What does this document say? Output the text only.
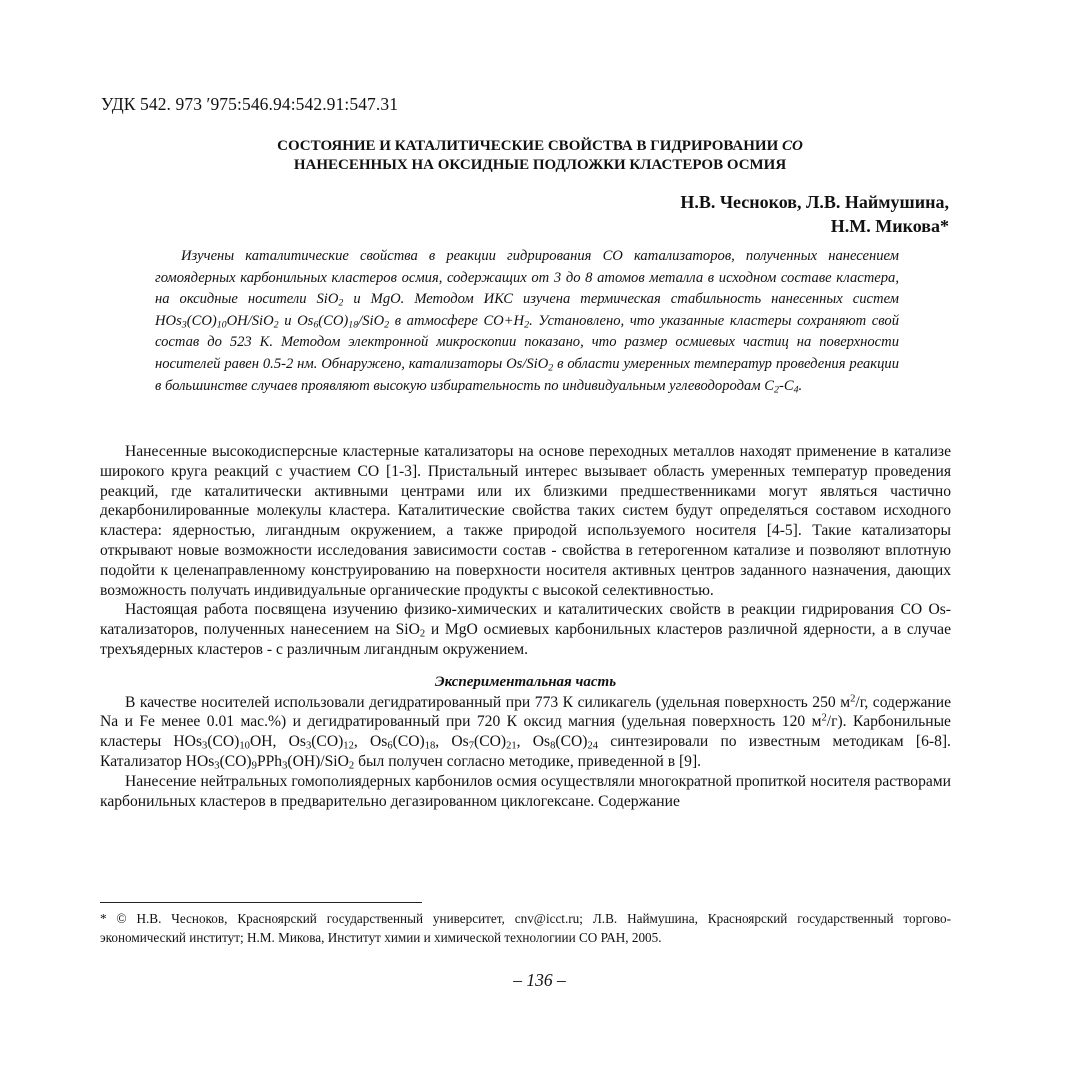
УДК 542. 973 ′975:546.94:542.91:547.31
СОСТОЯНИЕ И КАТАЛИТИЧЕСКИЕ СВОЙСТВА В ГИДРИРОВАНИИ CO
НАНЕСЕННЫХ НА ОКСИДНЫЕ ПОДЛОЖКИ КЛАСТЕРОВ ОСМИЯ
Н.В. Чесноков, Л.В. Наймушина,
Н.М. Микова*
Изучены каталитические свойства в реакции гидрирования CO катализаторов, полученных нанесением гомоядерных карбонильных кластеров осмия, содержащих от 3 до 8 атомов металла в исходном составе кластера, на оксидные носители SiO$_2$ и MgO. Методом ИКС изучена термическая стабильность нанесенных систем $HOs_3(CO)_{10}OH/SiO_2$ и $Os_6(CO)_{18}/SiO_2$ в атмосфере $CO+H_2$. Установлено, что указанные кластеры сохраняют свой состав до 523 К. Методом электронной микроскопии показано, что размер осмиевых частиц на поверхности носителей равен 0.5-2 нм. Обнаружено, катализаторы Os/SiO$_2$ в области умеренных температур проведения реакции в большинстве случаев проявляют высокую избирательность по индивидуальным углеводородам $C_2-C_4$.

Нанесенные высокодисперсные кластерные катализаторы на основе переходных металлов находят применение в катализе широкого круга реакций с участием CO [1-3]. Пристальный интерес вызывает область умеренных температур проведения реакций, где каталитически активными центрами или их близкими предшественниками могут являться частично декарбонилированные молекулы кластера. Каталитические свойства таких систем будут определяться составом исходного кластера: ядерностью, лигандным окружением, а также природой используемого носителя [4-5]. Такие катализаторы открывают новые возможности исследования зависимости состав - свойства в гетерогенном катализе и позволяют вплотную подойти к целенаправленному конструированию на поверхности носителя активных центров заданного назначения, дающих возможность получать индивидуальные органические продукты с высокой селективностью.

Настоящая работа посвящена изучению физико-химических и каталитических свойств в реакции гидрирования CO Os-катализаторов, полученных нанесением на SiO$_2$ и MgO осмиевых карбонильных кластеров различной ядерности, а в случае трехъядерных кластеров - с различным лигандным окружением.

Экспериментальная часть

В качестве носителей использовали дегидратированный при 773 К силикагель (удельная поверхность 250 $м^2/г$, содержание Na и Fe менее 0.01 мас.%) и дегидратированный при 720 К оксид магния (удельная поверхность 120 $м^2/г$). Карбонильные кластеры $HOs_3(CO)_{10}OH$, $Os_3(CO)_{12}$, $Os_6(CO)_{18}$, $Os_7(CO)_{21}$, $Os_8(CO)_{24}$ синтезировали по известным методикам [6-8]. Катализатор $HOs_3(CO)_9PPh_3(OH)/SiO_2$ был получен согласно методике, приведенной в [9].

Нанесение нейтральных гомополиядерных карбонилов осмия осуществляли многократной пропиткой носителя растворами карбонильных кластеров в предварительно дегазированном циклогексане. Содержание

* © Н.В. Чесноков, Красноярский государственный университет, cnv@icct.ru; Л.В. Наймушина, Красноярский государственный торгово-экономический институт; Н.М. Микова, Институт химии и химической технологиии СО РАН, 2005.
– 136 –
